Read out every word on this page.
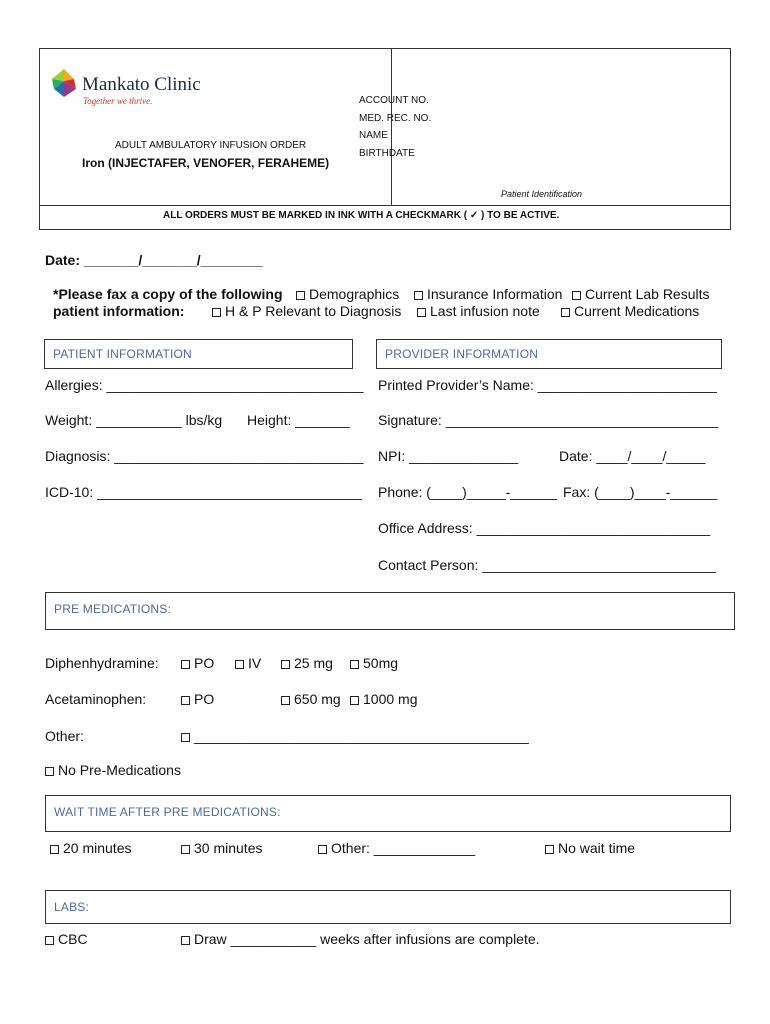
Mankato Clinic
Together we thrive.
ADULT AMBULATORY INFUSION ORDER
Iron (INJECTAFER, VENOFER, FERAHEME)
ACCOUNT NO.
MED. REC. NO.
NAME
BIRTHDATE
Patient Identification
ALL ORDERS MUST BE MARKED IN INK WITH A CHECKMARK ( ✓ ) TO BE ACTIVE.
Date: _______/_______/________
*Please fax a copy of the following	Demographics	Insurance Information	Current Lab Results
patient information:	H & P Relevant to Diagnosis	Last infusion note	Current Medications
PATIENT INFORMATION	PROVIDER INFORMATION
Allergies: _________________________________
Weight: ___________ lbs/kg Height: _______
Diagnosis: ________________________________
ICD-10: __________________________________
Printed Provider’s Name: _______________________
Signature: ___________________________________
NPI: ______________	Date: ____/____/_____
Phone: (____)_____-______ Fax: (____)____-______
Office Address: ______________________________
Contact Person: ______________________________
PRE MEDICATIONS:
Diphenhydramine:	PO	IV	25 mg	50mg
Acetaminophen:	PO	650 mg	1000 mg
Other:	___________________________________________
No Pre-Medications
WAIT TIME AFTER PRE MEDICATIONS:
20 minutes	30 minutes	Other: _____________	No wait time
LABS:
CBC	Draw ___________ weeks after infusions are complete.
